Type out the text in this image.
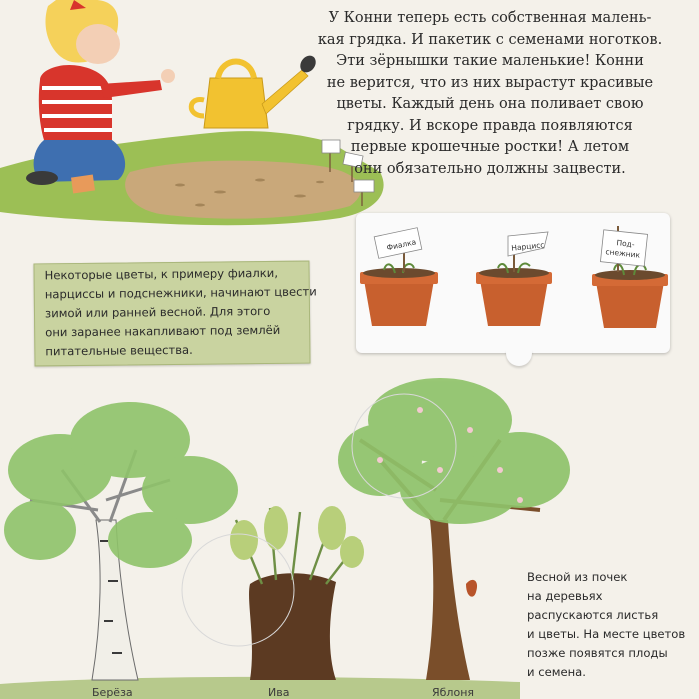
Фиалка	Нарцисс	Под-
снежник

У Конни теперь есть собственная малень-
кая грядка. И пакетик с семенами ноготков.
Эти зёрнышки такие маленькие! Конни
не верится, что из них вырастут красивые
цветы. Каждый день она поливает свою
грядку. И вскоре правда появляются
первые крошечные ростки! А летом
они обязательно должны зацвести.

Некоторые цветы, к примеру фиалки,
нарциссы и подснежники, начинают цвести
зимой или ранней весной. Для этого
они заранее накапливают под землёй
питательные вещества.

Весной из почек
на деревьях
распускаются листья
и цветы. На месте цветов
позже появятся плоды
и семена.

Берёза	Ива	Яблоня
